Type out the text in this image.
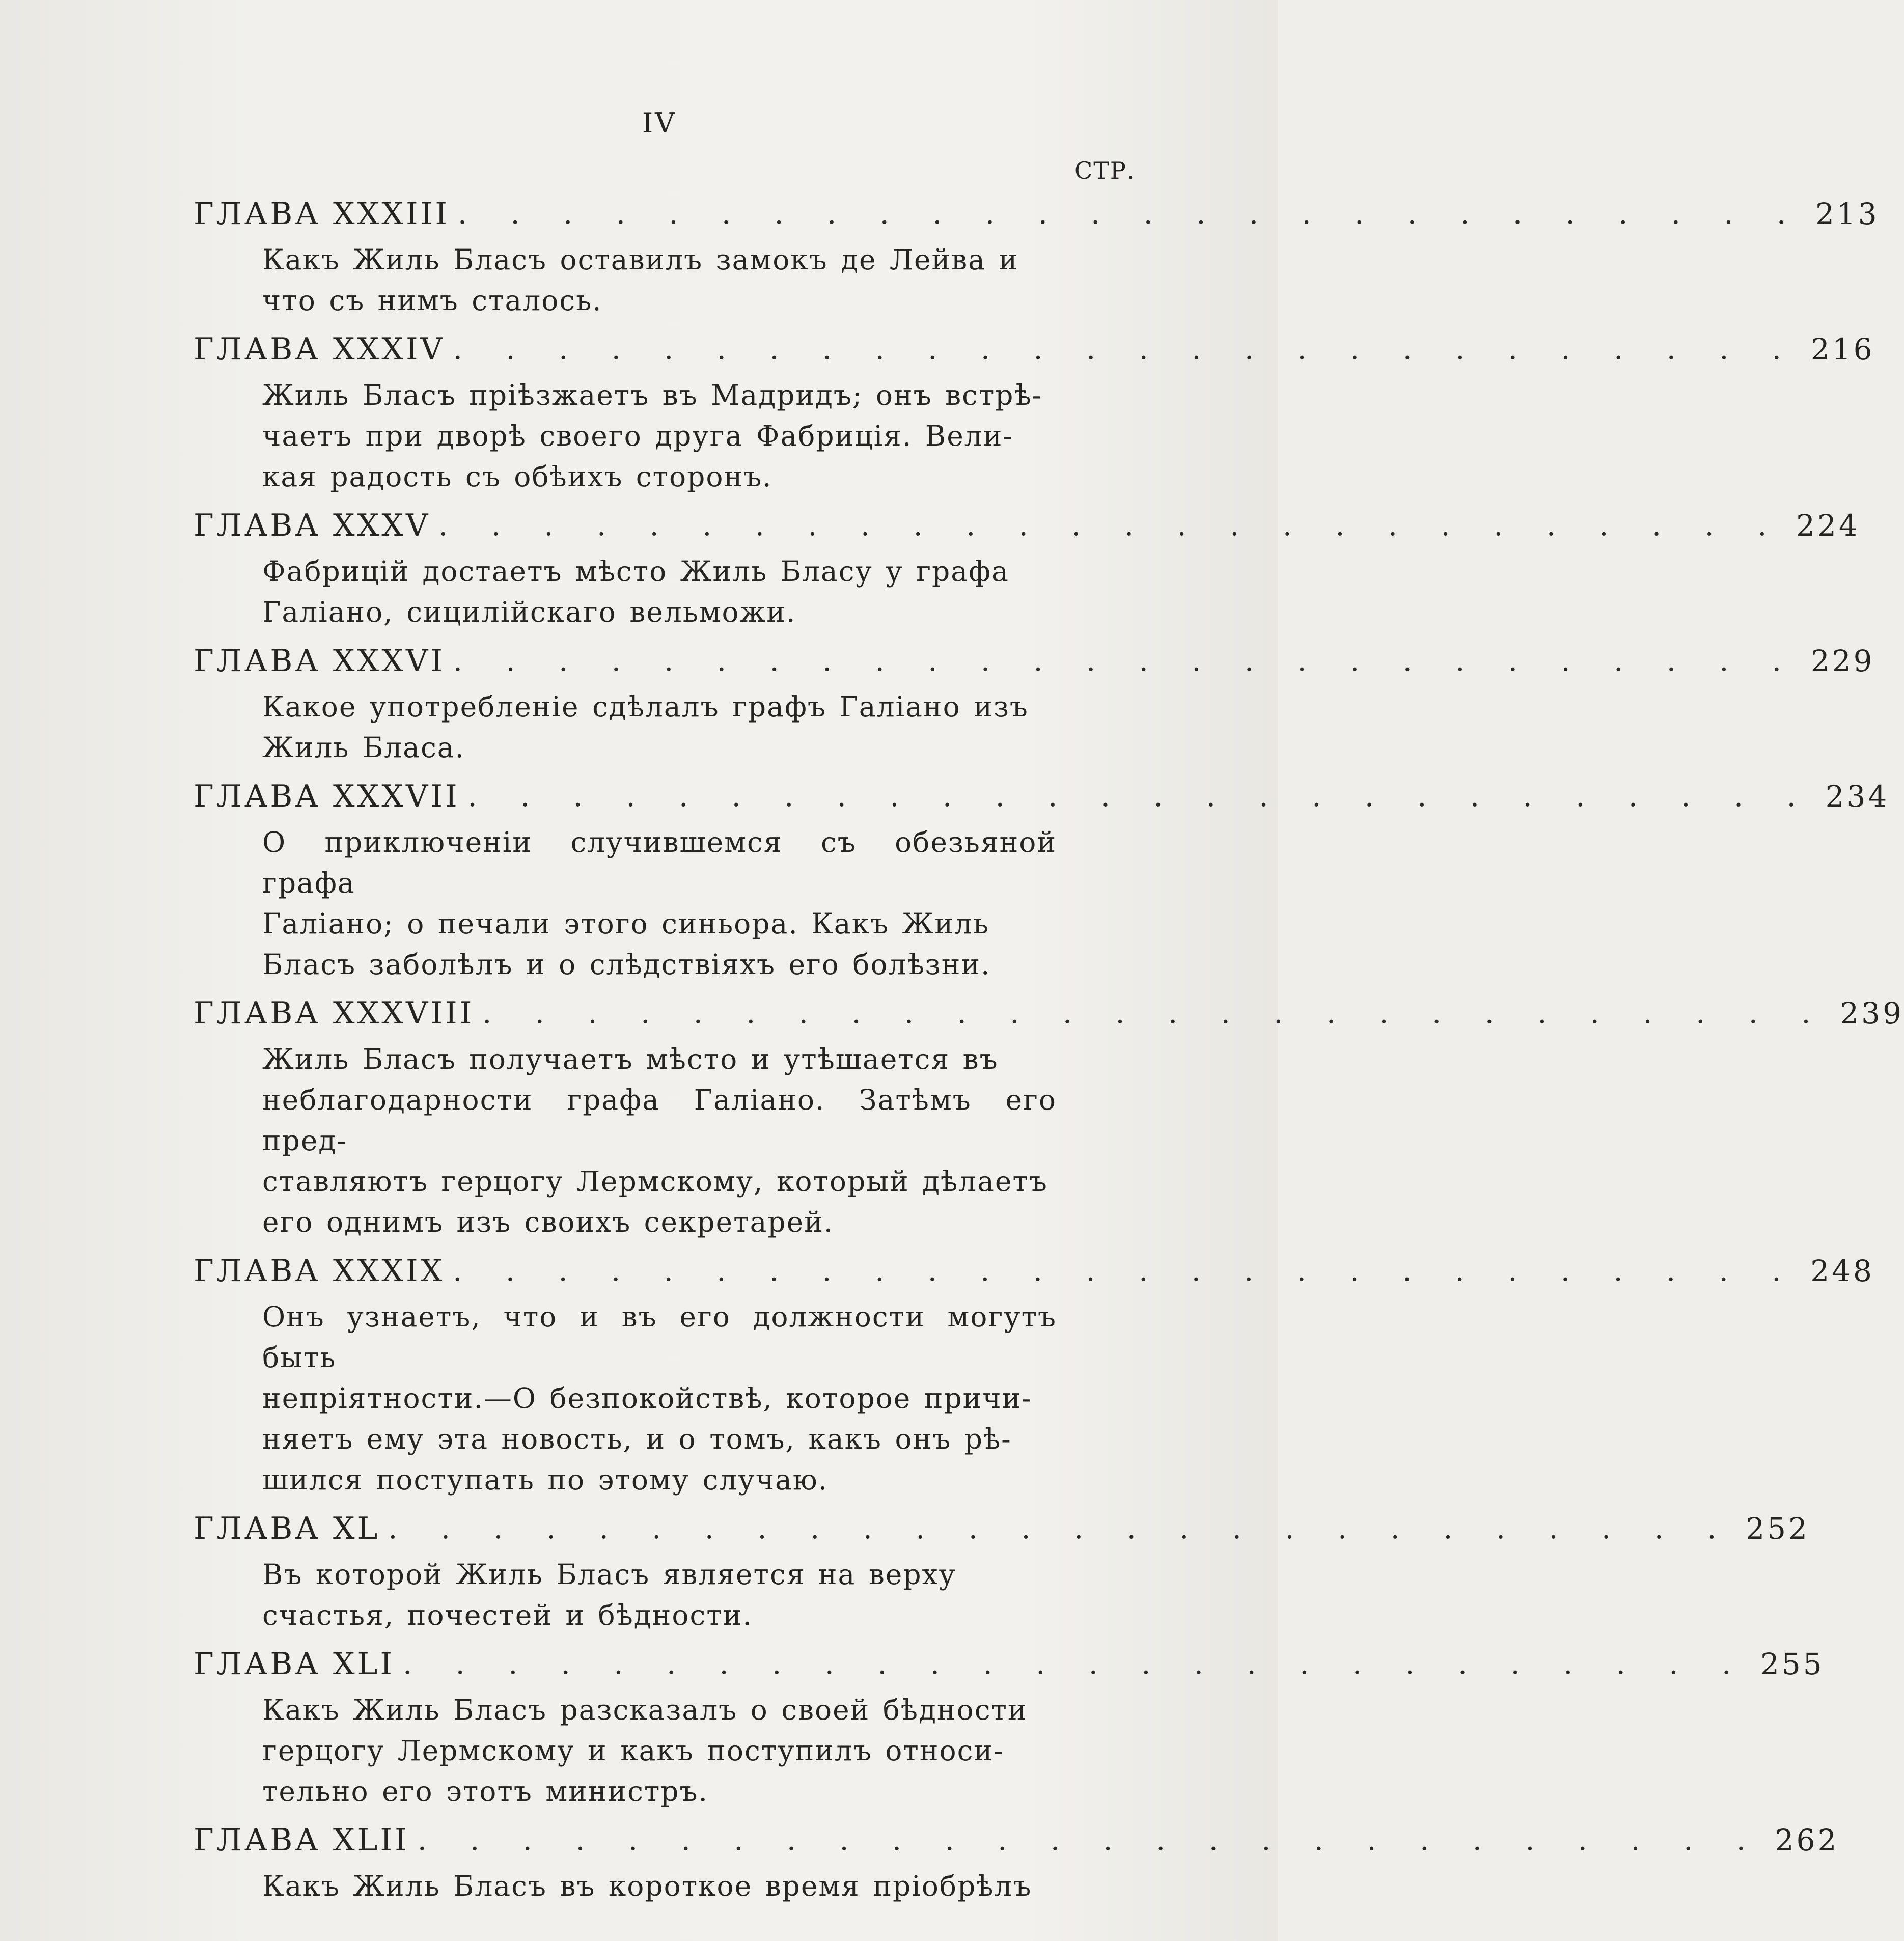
IV
СТР.
ГЛАВА XXXIII . . . . . . . . . . . . . . . . . . . . . . . . . . 213
Какъ Жиль Бласъ оставилъ замокъ де Лейва и
что съ нимъ сталось.
ГЛАВА XXXIV . . . . . . . . . . . . . . . . . . . . . . . . . . 216
Жиль Бласъ пріѣзжаетъ въ Мадридъ; онъ встрѣ-
чаетъ при дворѣ своего друга Фабриція. Вели-
кая радость съ обѣихъ сторонъ.
ГЛАВА XXXV . . . . . . . . . . . . . . . . . . . . . . . . . . 224
Фабрицій достаетъ мѣсто Жиль Бласу у графа
Галіано, сицилійскаго вельможи.
ГЛАВА XXXVI . . . . . . . . . . . . . . . . . . . . . . . . . . 229
Какое употребленіе сдѣлалъ графъ Галіано изъ
Жиль Бласа.
ГЛАВА XXXVII . . . . . . . . . . . . . . . . . . . . . . . . . . 234
О приключеніи случившемся съ обезьяной графа
Галіано; о печали этого синьора. Какъ Жиль
Бласъ заболѣлъ и о слѣдствіяхъ его болѣзни.
ГЛАВА XXXVIII . . . . . . . . . . . . . . . . . . . . . . . . . . 239
Жиль Бласъ получаетъ мѣсто и утѣшается въ
неблагодарности графа Галіано. Затѣмъ его пред-
ставляютъ герцогу Лермскому, который дѣлаетъ
его однимъ изъ своихъ секретарей.
ГЛАВА XXXIX . . . . . . . . . . . . . . . . . . . . . . . . . . 248
Онъ узнаетъ, что и въ его должности могутъ быть
непріятности.—О безпокойствѣ, которое причи-
няетъ ему эта новость, и о томъ, какъ онъ рѣ-
шился поступать по этому случаю.
ГЛАВА XL . . . . . . . . . . . . . . . . . . . . . . . . . . 252
Въ которой Жиль Бласъ является на верху
счастья, почестей и бѣдности.
ГЛАВА XLI . . . . . . . . . . . . . . . . . . . . . . . . . . 255
Какъ Жиль Бласъ разсказалъ о своей бѣдности
герцогу Лермскому и какъ поступилъ относи-
тельно его этотъ министръ.
ГЛАВА XLII . . . . . . . . . . . . . . . . . . . . . . . . . . 262
Какъ Жиль Бласъ въ короткое время пріобрѣлъ
